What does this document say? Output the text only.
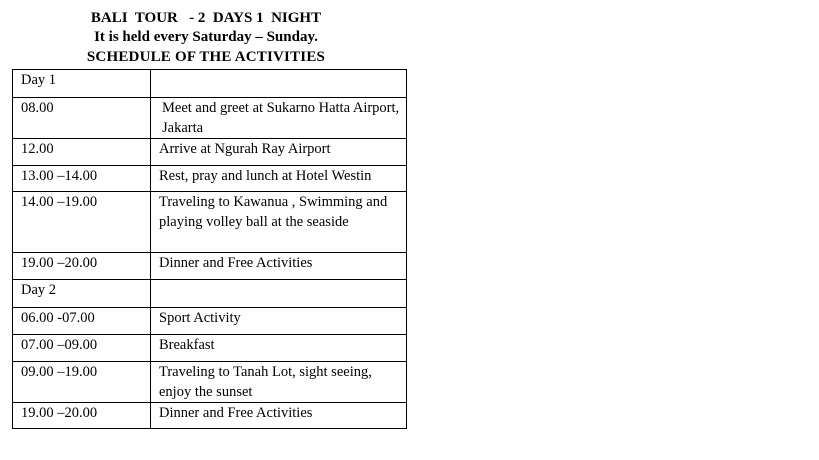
BALI  TOUR   - 2  DAYS 1  NIGHT
It is held every Saturday – Sunday.
SCHEDULE OF THE ACTIVITIES
Day 1	
08.00	Meet and greet at Sukarno Hatta Airport, Jakarta
12.00	Arrive at Ngurah Ray Airport
13.00 –14.00	Rest, pray and lunch at Hotel Westin
14.00 –19.00	Traveling to Kawanua , Swimming and playing volley ball at the seaside
19.00 –20.00	Dinner and Free Activities
Day 2	
06.00 -07.00	Sport Activity
07.00 –09.00	Breakfast
09.00 –19.00	Traveling to Tanah Lot, sight seeing, enjoy the sunset
19.00 –20.00	Dinner and Free Activities
